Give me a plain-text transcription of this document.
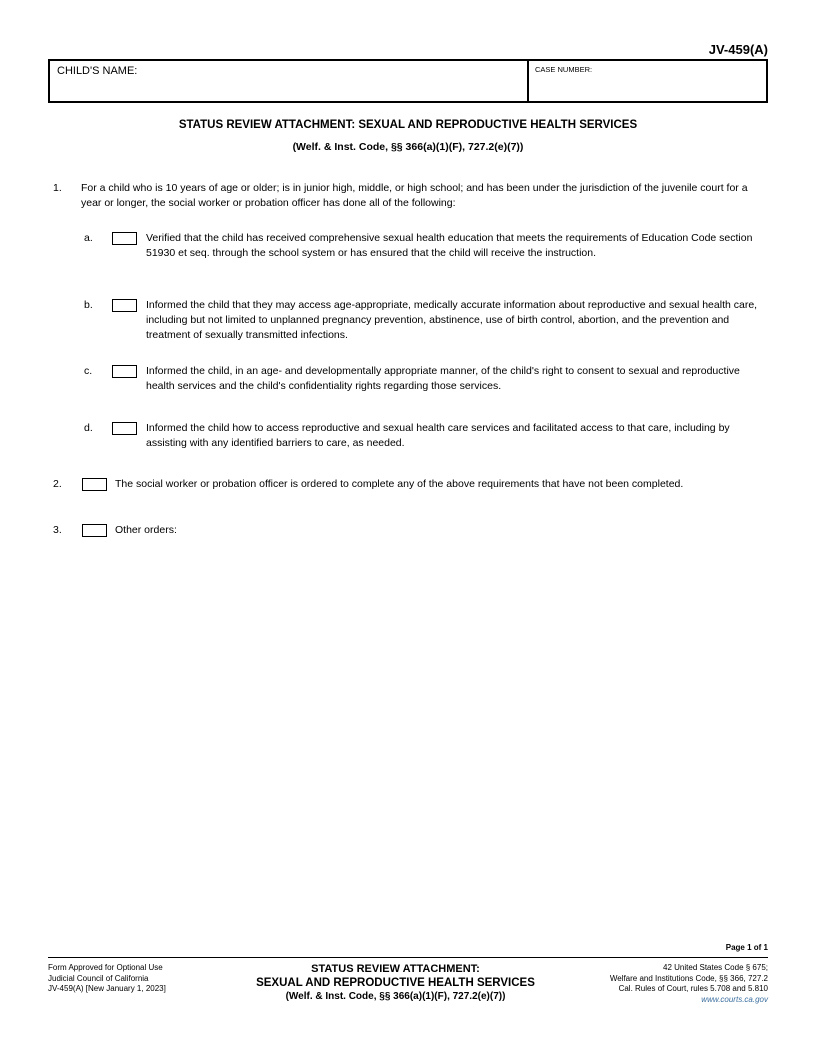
JV-459(A)
CHILD'S NAME:	CASE NUMBER:
STATUS REVIEW ATTACHMENT: SEXUAL AND REPRODUCTIVE HEALTH SERVICES
(Welf. & Inst. Code, §§ 366(a)(1)(F), 727.2(e)(7))
1.	For a child who is 10 years of age or older; is in junior high, middle, or high school; and has been under the jurisdiction of the juvenile court for a year or longer, the social worker or probation officer has done all of the following:
a.	Verified that the child has received comprehensive sexual health education that meets the requirements of Education Code section 51930 et seq. through the school system or has ensured that the child will receive the instruction.
b.	Informed the child that they may access age-appropriate, medically accurate information about reproductive and sexual health care, including but not limited to unplanned pregnancy prevention, abstinence, use of birth control, abortion, and the prevention and treatment of sexually transmitted infections.
c.	Informed the child, in an age- and developmentally appropriate manner, of the child's right to consent to sexual and reproductive health services and the child's confidentiality rights regarding those services.
d.	Informed the child how to access reproductive and sexual health care services and facilitated access to that care, including by assisting with any identified barriers to care, as needed.
2.	The social worker or probation officer is ordered to complete any of the above requirements that have not been completed.
3.	Other orders:
Page 1 of 1
Form Approved for Optional Use
Judicial Council of California
JV-459(A) [New January 1, 2023]
STATUS REVIEW ATTACHMENT:
SEXUAL AND REPRODUCTIVE HEALTH SERVICES
(Welf. & Inst. Code, §§ 366(a)(1)(F), 727.2(e)(7))
42 United States Code § 675;
Welfare and Institutions Code, §§ 366, 727.2
Cal. Rules of Court, rules 5.708 and 5.810
www.courts.ca.gov
